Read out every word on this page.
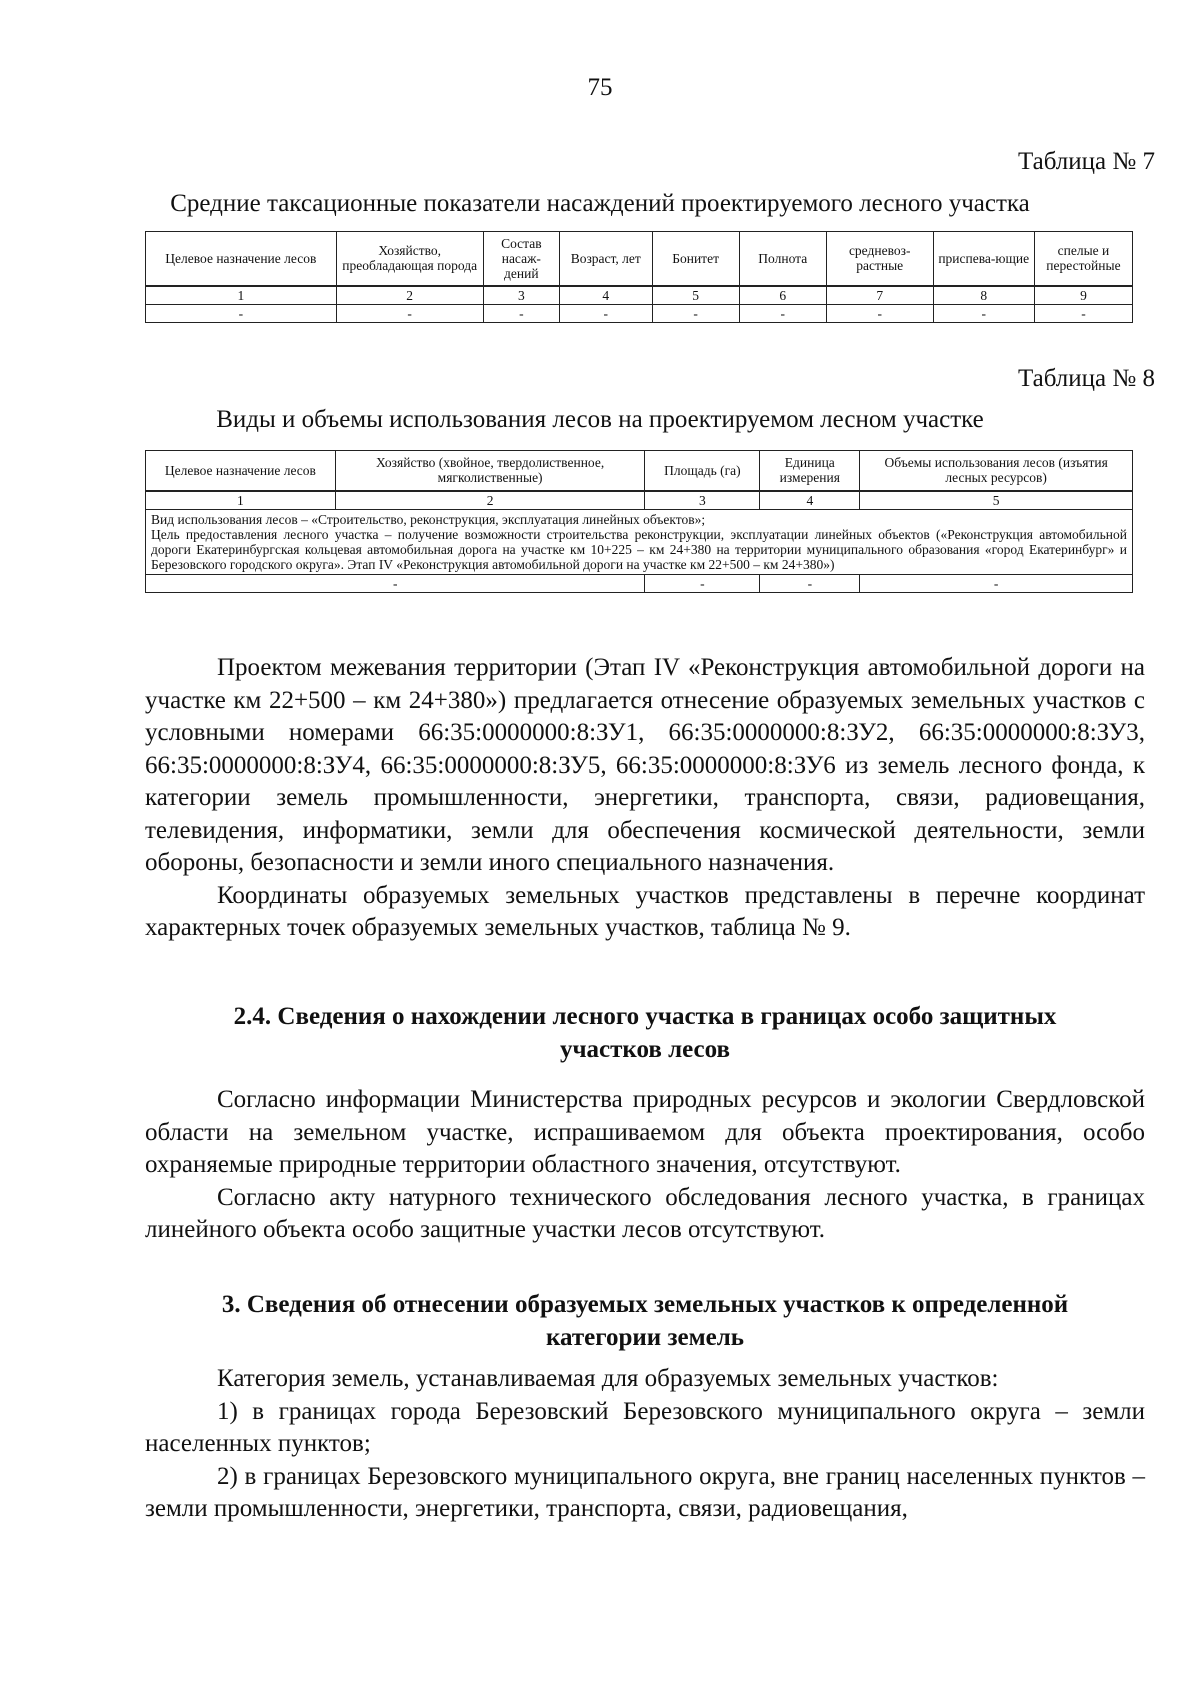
75
Таблица № 7
Средние таксационные показатели насаждений проектируемого лесного участка
Целевое назначение лесов	Хозяйство, преобладающая порода	Состав насаж-дений	Возраст, лет	Бонитет	Полнота	средневоз-растные	приспева-ющие	спелые и перестойные
1	2	3	4	5	6	7	8	9
-	-	-	-	-	-	-	-	-
Таблица № 8
Виды и объемы использования лесов на проектируемом лесном участке
Целевое назначение лесов	Хозяйство (хвойное, твердолиственное, мягколиственные)	Площадь (га)	Единица измерения	Объемы использования лесов (изъятия лесных ресурсов)
1	2	3	4	5

Вид использования лесов – «Строительство, реконструкция, эксплуатация линейных объектов»;
Цель предоставления лесного участка – получение возможности строительства реконструкции, эксплуатации линейных объектов («Реконструкция автомобильной дороги Екатеринбургская кольцевая автомобильная дорога на участке км 10+225 – км 24+380 на территории муниципального образования «город Екатеринбург» и Березовского городского округа». Этап IV «Реконструкция автомобильной дороги на участке км 22+500 – км 24+380»)				

-		-	-	-

Проектом межевания территории (Этап IV «Реконструкция автомобильной дороги на участке км 22+500 – км 24+380») предлагается отнесение образуемых земельных участков с условными номерами 66:35:0000000:8:ЗУ1, 66:35:0000000:8:ЗУ2, 66:35:0000000:8:ЗУ3, 66:35:0000000:8:ЗУ4, 66:35:0000000:8:ЗУ5, 66:35:0000000:8:ЗУ6 из земель лесного фонда, к категории земель промышленности, энергетики, транспорта, связи, радиовещания, телевидения, информатики, земли для обеспечения космической деятельности, земли обороны, безопасности и земли иного специального назначения.

Координаты образуемых земельных участков представлены в перечне координат характерных точек образуемых земельных участков, таблица № 9.

2.4. Сведения о нахождении лесного участка в границах особо защитных
участков лесов

Согласно информации Министерства природных ресурсов и экологии Свердловской области на земельном участке, испрашиваемом для объекта проектирования, особо охраняемые природные территории областного значения, отсутствуют.

Согласно акту натурного технического обследования лесного участка, в границах линейного объекта особо защитные участки лесов отсутствуют.

3. Сведения об отнесении образуемых земельных участков к определенной
категории земель

Категория земель, устанавливаемая для образуемых земельных участков:

1) в границах города Березовский Березовского муниципального округа – земли населенных пунктов;

2) в границах Березовского муниципального округа, вне границ населенных пунктов – земли промышленности, энергетики, транспорта, связи, радиовещания,
